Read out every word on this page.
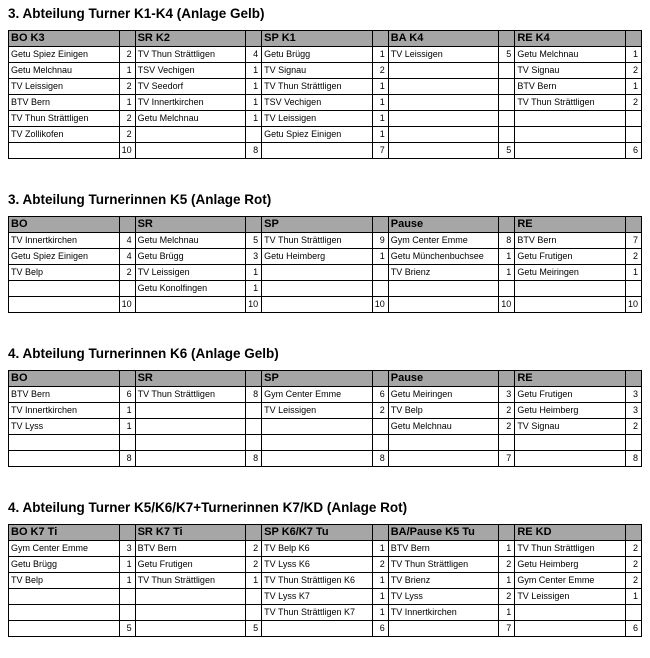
3. Abteilung Turner K1-K4 (Anlage Gelb)
BO K3		SR K2		SP K1		BA K4		RE K4	
Getu Spiez Einigen	2	TV Thun Strättligen	4	Getu Brügg	1	TV Leissigen	5	Getu Melchnau	1
Getu Melchnau	1	TSV Vechigen	1	TV Signau	2			TV Signau	2
TV Leissigen	2	TV Seedorf	1	TV Thun Strättligen	1			BTV Bern	1
BTV Bern	1	TV Innertkirchen	1	TSV Vechigen	1			TV Thun Strättligen	2
TV Thun Strättligen	2	Getu Melchnau	1	TV Leissigen	1				
TV Zollikofen	2			Getu Spiez Einigen	1				
	10		8		7		5		6
3. Abteilung Turnerinnen K5 (Anlage Rot)
BO		SR		SP		Pause		RE	
TV Innertkirchen	4	Getu Melchnau	5	TV Thun Strättligen	9	Gym Center Emme	8	BTV Bern	7
Getu Spiez Einigen	4	Getu Brügg	3	Getu Heimberg	1	Getu Münchenbuchsee	1	Getu Frutigen	2
TV Belp	2	TV Leissigen	1			TV Brienz	1	Getu Meiringen	1
		Getu Konolfingen	1						
	10		10		10		10		10
4. Abteilung Turnerinnen K6 (Anlage Gelb)
BO		SR		SP		Pause		RE	
BTV Bern	6	TV Thun Strättligen	8	Gym Center Emme	6	Getu Meiringen	3	Getu Frutigen	3
TV Innertkirchen	1			TV Leissigen	2	TV Belp	2	Getu Heimberg	3
TV Lyss	1					Getu Melchnau	2	TV Signau	2

	8		8		8		7		8
4. Abteilung Turner K5/K6/K7+Turnerinnen K7/KD (Anlage Rot)
BO K7 Ti		SR K7 Ti		SP K6/K7 Tu		BA/Pause K5 Tu		RE KD	
Gym Center Emme	3	BTV Bern	2	TV Belp K6	1	BTV Bern	1	TV Thun Strättligen	2
Getu Brügg	1	Getu Frutigen	2	TV Lyss K6	2	TV Thun Strättligen	2	Getu Heimberg	2
TV Belp	1	TV Thun Strättligen	1	TV Thun Strättligen K6	1	TV Brienz	1	Gym Center Emme	2
				TV Lyss K7	1	TV Lyss	2	TV Leissigen	1
				TV Thun Strättligen K7	1	TV Innertkirchen	1		
	5		5		6		7		6
